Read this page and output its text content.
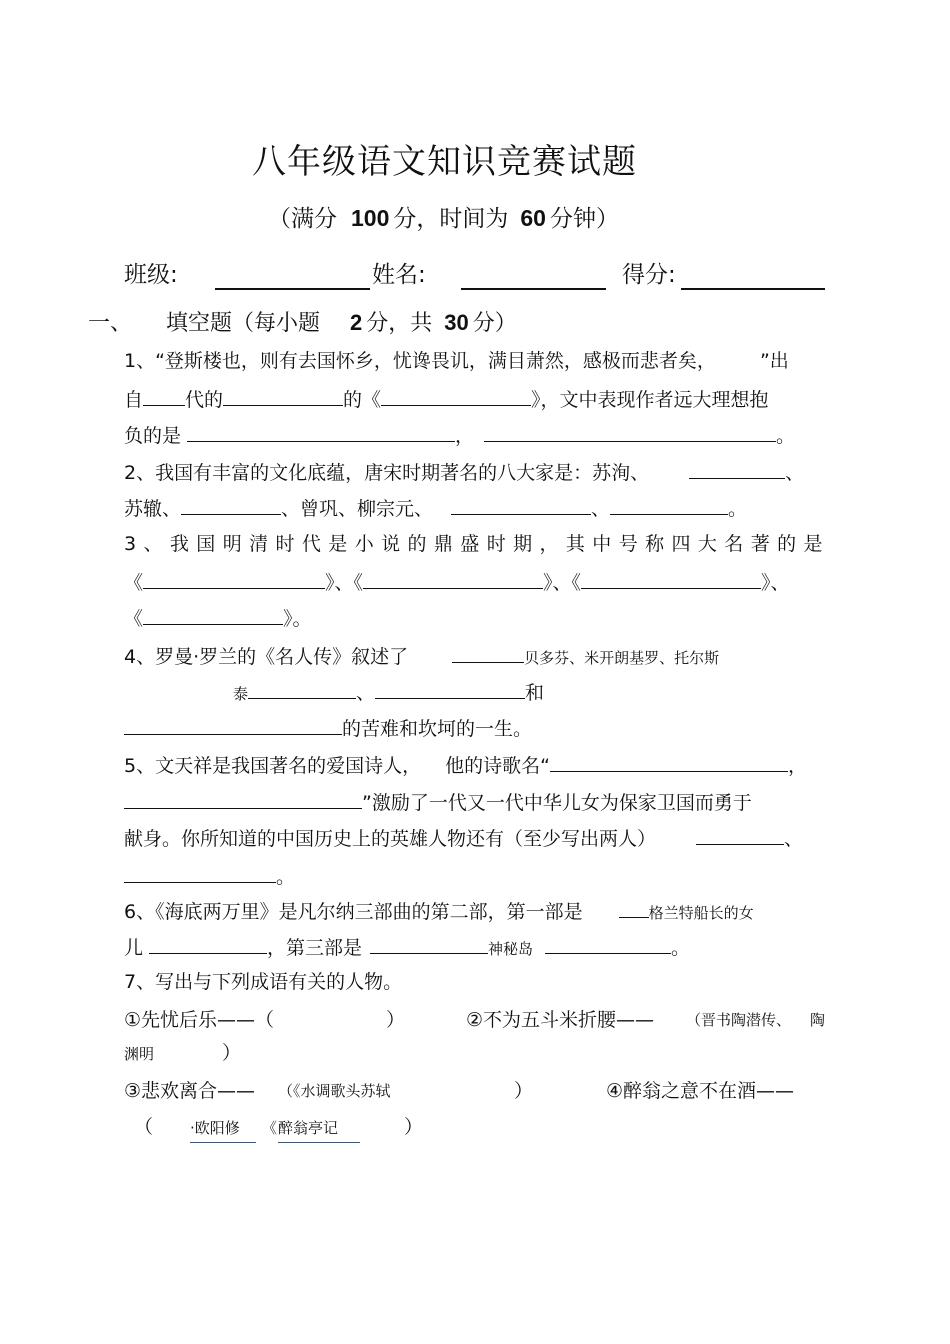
八年级语文知识竞赛试题
（满分 100 分，时间为 60 分钟）
班级:	姓名:	得分:
一、 填空题（每小题 2 分，共 30 分）
1、“登斯楼也，则有去国怀乡，忧谗畏讥，满目萧然，感极而悲者矣， ”出
自 代的	的《	》，文中表现作者远大理想抱
负的是	，	。
2、我国有丰富的文化底蕴，唐宋时期著名的八大家是：苏洵、	、
苏辙、	、曾巩、柳宗元、	、	。
3、我国明清时代是小说的鼎盛时期，其中号称四大名著的是
《	》、《	》、《	》、
《	》。
4、罗曼·罗兰的《名人传》叙述了	贝多芬、米开朗基罗、托尔斯
泰	、	和
的苦难和坎坷的一生。
5、文天祥是我国著名的爱国诗人， 他的诗歌名“	，
”激励了一代又一代中华儿女为保家卫国而勇于
献身。你所知道的中国历史上的英雄人物还有（至少写出两人）	、
。
6、《海底两万里》是凡尔纳三部曲的第二部，第一部是	格兰特船长的女
儿	，第三部是	神秘岛	。
7、写出与下列成语有关的人物。
①先忧后乐——（	）	②不为五斗米折腰—— （晋书陶潜传、 陶
渊明	）
③悲欢离合—— （《水调歌头苏轼	）	④醉翁之意不在酒——
（ ·欧阳修	《 醉翁亭记	）
